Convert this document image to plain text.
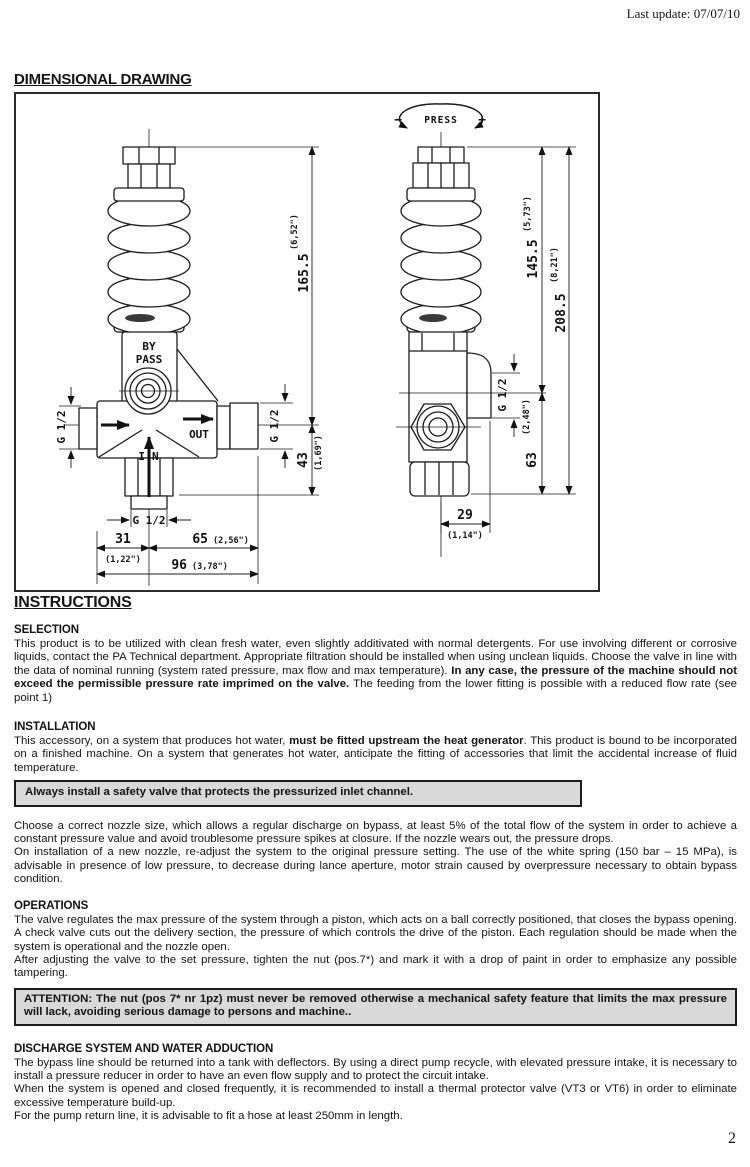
Last update: 07/07/10
DIMENSIONAL DRAWING
BY
PASS
OUT
IN
165.5
(6,52")
43 (1,69")
G 1/2	G 1/2
G 1/2
31
(1,22")
65 (2,56")
96 (3,78")
PRESS
−	+
145.5
(5,73")
208.5
(8,21")
63
(2,48")
G 1/2
29
(1,14")
INSTRUCTIONS
SELECTION

This product is to be utilized with clean fresh water, even slightly additivated with normal detergents. For use involving different or corrosive liquids, contact the PA Technical department. Appropriate filtration should be installed when using unclean liquids. Choose the valve in line with the data of nominal running (system rated pressure, max flow and max temperature). In any case, the pressure of the machine should not exceed the permissible pressure rate imprimed on the valve. The feeding from the lower fitting is possible with a reduced flow rate (see point 1)

INSTALLATION

This accessory, on a system that produces hot water, must be fitted upstream the heat generator. This product is bound to be incorporated on a finished machine. On a system that generates hot water, anticipate the fitting of accessories that limit the accidental increase of fluid temperature.

Always install a safety valve that protects the pressurized inlet channel.

Choose a correct nozzle size, which allows a regular discharge on bypass, at least 5% of the total flow of the system in order to achieve a constant pressure value and avoid troublesome pressure spikes at closure. If the nozzle wears out, the pressure drops.

On installation of a new nozzle, re-adjust the system to the original pressure setting. The use of the white spring (150 bar – 15 MPa), is advisable in presence of low pressure, to decrease during lance aperture, motor strain caused by overpressure necessary to obtain bypass condition.

OPERATIONS

The valve regulates the max pressure of the system through a piston, which acts on a ball correctly positioned, that closes the bypass opening. A check valve cuts out the delivery section, the pressure of which controls the drive of the piston. Each regulation should be made when the system is operational and the nozzle open.

After adjusting the valve to the set pressure, tighten the nut (pos.7*) and mark it with a drop of paint in order to emphasize any possible tampering.

ATTENTION: The nut (pos 7* nr 1pz) must never be removed otherwise a mechanical safety feature that limits the max pressure will lack, avoiding serious damage to persons and machine..

DISCHARGE SYSTEM AND WATER ADDUCTION

The bypass line should be returned into a tank with deflectors. By using a direct pump recycle, with elevated pressure intake, it is necessary to install a pressure reducer in order to have an even flow supply and to protect the circuit intake.

When the system is opened and closed frequently, it is recommended to install a thermal protector valve (VT3 or VT6) in order to eliminate excessive temperature build-up.

For the pump return line, it is advisable to fit a hose at least 250mm in length.

2
